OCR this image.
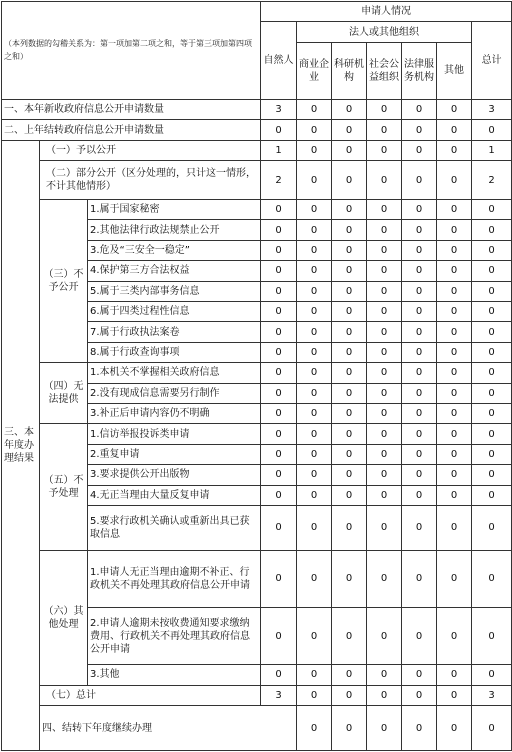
（本列数据的勾稽关系为：第一项加第二项之和，等于第三项加第四项之和）			申请人情况							
			自然人	法人或其他组织					总计	
				商业企业	科研机构	社会公益组织	法律服务机构	其他		
一、本年新收政府信息公开申请数量			3	0	0	0	0	0	3	
二、上年结转政府信息公开申请数量			0	0	0	0	0	0	0	
三、本年度办理结果	（一）予以公开		1	0	0	0	0	0	1	
	（二）部分公开（区分处理的，只计这一情形，不计其他情形）		2	0	0	0	0	0	2	
	（三）不予公开	1.属于国家秘密	0	0	0	0	0	0	0	
		2.其他法律行政法规禁止公开	0	0	0	0	0	0	0	
		3.危及“三安全一稳定”	0	0	0	0	0	0	0	
		4.保护第三方合法权益	0	0	0	0	0	0	0	
		5.属于三类内部事务信息	0	0	0	0	0	0	0	
		6.属于四类过程性信息	0	0	0	0	0	0	0	
		7.属于行政执法案卷	0	0	0	0	0	0	0	
		8.属于行政查询事项	0	0	0	0	0	0	0	
	（四）无法提供	1.本机关不掌握相关政府信息	0	0	0	0	0	0	0	
		2.没有现成信息需要另行制作	0	0	0	0	0	0	0	
		3.补正后申请内容仍不明确	0	0	0	0	0	0	0	
	（五）不予处理	1.信访举报投诉类申请	0	0	0	0	0	0	0	
		2.重复申请	0	0	0	0	0	0	0	
		3.要求提供公开出版物	0	0	0	0	0	0	0	
		4.无正当理由大量反复申请	0	0	0	0	0	0	0	
		5.要求行政机关确认或重新出具已获取信息	0	0	0	0	0	0	0	
	（六）其他处理	1.申请人无正当理由逾期不补正、行政机关不再处理其政府信息公开申请	0	0	0	0	0	0	0	
		2.申请人逾期未按收费通知要求缴纳费用、行政机关不再处理其政府信息公开申请	0	0	0	0	0	0	0	
		3.其他	0	0	0	0	0	0	0	
	（七）总计		3	0	0	0	0	0	3	
	四、结转下年度继续办理			0	0	0	0	0	0	
